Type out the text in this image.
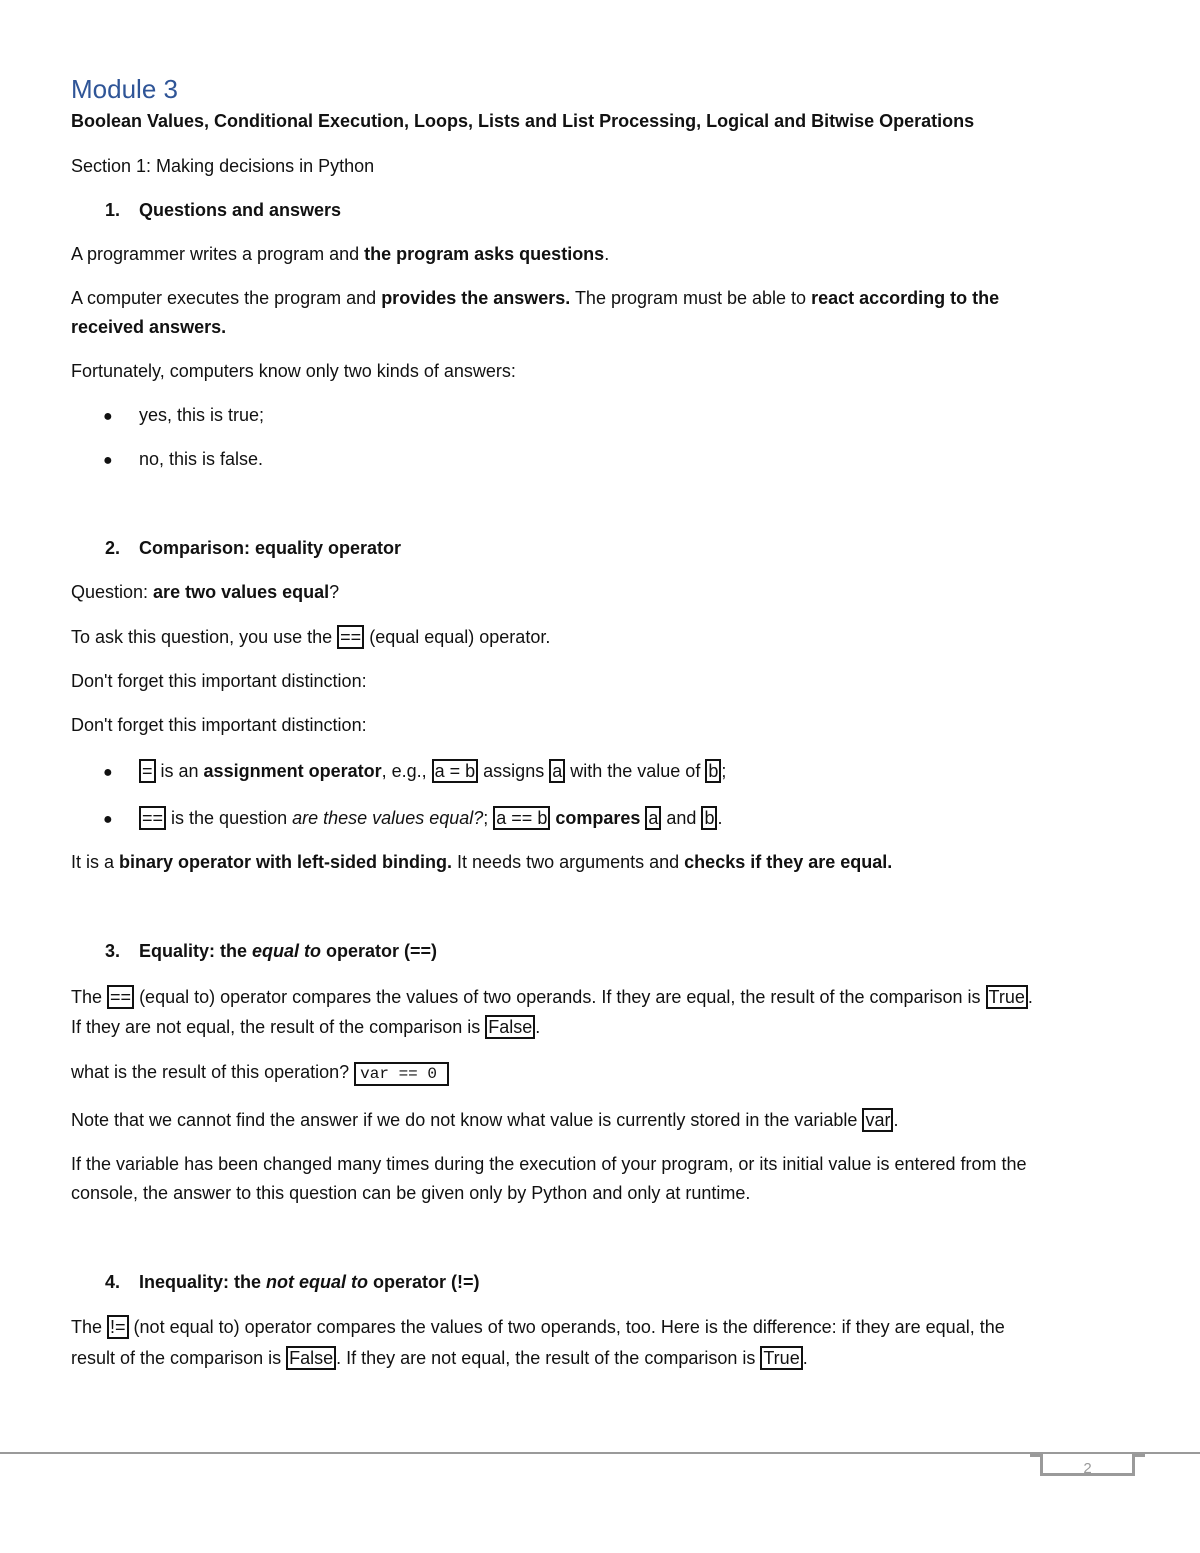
Module 3
Boolean Values, Conditional Execution, Loops, Lists and List Processing, Logical and Bitwise Operations
Section 1: Making decisions in Python
1. Questions and answers
A programmer writes a program and the program asks questions.
A computer executes the program and provides the answers. The program must be able to react according to the
received answers.
Fortunately, computers know only two kinds of answers:
● yes, this is true;
● no, this is false.
2. Comparison: equality operator
Question: are two values equal?
To ask this question, you use the == (equal equal) operator.
Don't forget this important distinction:
Don't forget this important distinction:
● = is an assignment operator, e.g., a = b assigns a with the value of b ;
● == is the question are these values equal?; a == b compares a and b .
It is a binary operator with left-sided binding. It needs two arguments and checks if they are equal.
3. Equality: the equal to operator (==)
The == (equal to) operator compares the values of two operands. If they are equal, the result of the comparison is True .
If they are not equal, the result of the comparison is False .
what is the result of this operation? var == 0
Note that we cannot find the answer if we do not know what value is currently stored in the variable var .
If the variable has been changed many times during the execution of your program, or its initial value is entered from the
console, the answer to this question can be given only by Python and only at runtime.
4. Inequality: the not equal to operator (!=)
The != (not equal to) operator compares the values of two operands, too. Here is the difference: if they are equal, the
result of the comparison is False . If they are not equal, the result of the comparison is True .
2
